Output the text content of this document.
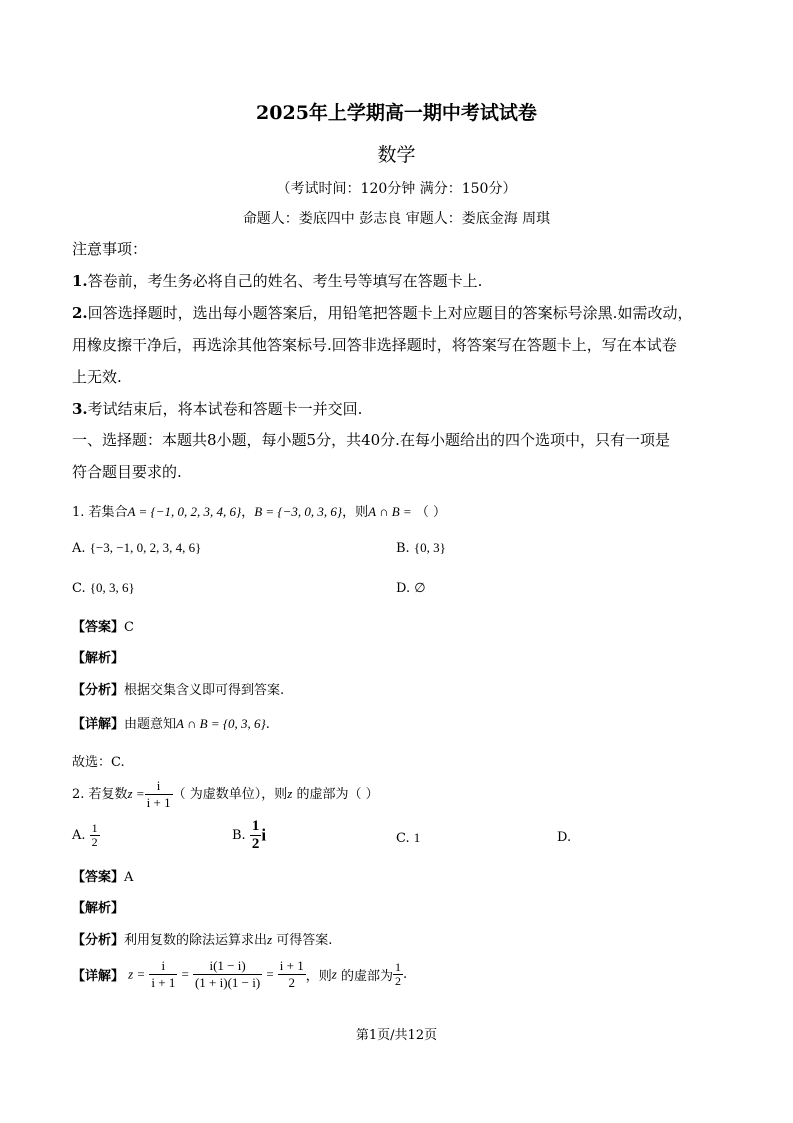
2025年上学期高一期中考试试卷
数学
（考试时间：120分钟 满分：150分）
命题人：娄底四中 彭志良 审题人：娄底金海 周琪
注意事项：
1.答卷前，考生务必将自己的姓名、考生号等填写在答题卡上.
2.回答选择题时，选出每小题答案后，用铅笔把答题卡上对应题目的答案标号涂黑.如需改动，
用橡皮擦干净后，再选涂其他答案标号.回答非选择题时，将答案写在答题卡上，写在本试卷
上无效.
3.考试结束后，将本试卷和答题卡一并交回.
一、选择题：本题共8小题，每小题5分，共40分.在每小题给出的四个选项中，只有一项是
符合题目要求的.
1. 若集合A = {−1, 0, 2, 3, 4, 6}，B = {−3, 0, 3, 6}，则A ∩ B = （ ）
A. {−3, −1, 0, 2, 3, 4, 6}	B. {0, 3}
C. {0, 3, 6}	D. ∅
【答案】C
【解析】
【分析】根据交集含义即可得到答案.
【详解】由题意知A ∩ B = {0, 3, 6}.
故选：C.
2. 若复数$z = \frac{i}{i + 1}$ （ 为虚数单位），则z 的虚部为（ ）
A. $\frac{1}{2}$	B. $\frac{1}{2}$ i	C. 1	D.
【答案】A
【解析】
【分析】利用复数的除法运算求出z 可得答案.
【详解】 $z = \frac{i}{i + 1} = \frac{i(1 - i)}{(1 + i)(1 - i)} = \frac{i + 1}{2}$ ，则z 的虚部为 $\frac{1}{2}$ .
第1页/共12页
